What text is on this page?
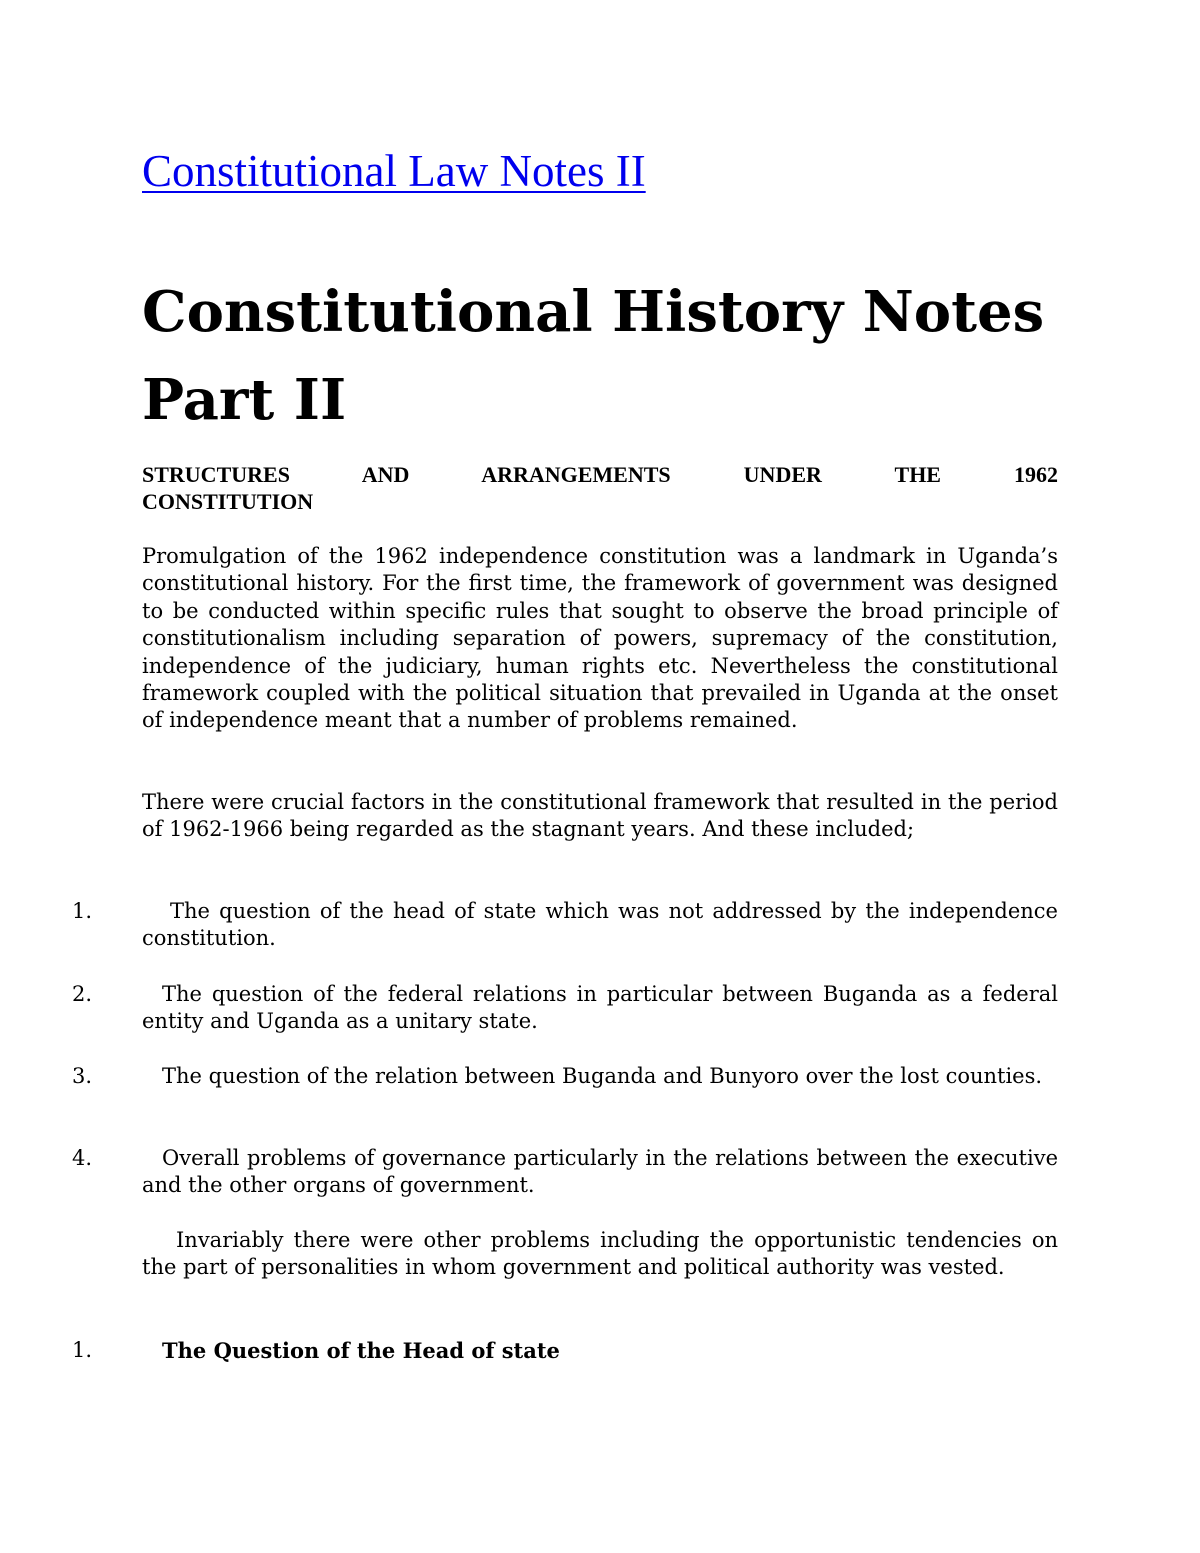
Constitutional Law Notes II
Constitutional History Notes Part II
STRUCTURES AND ARRANGEMENTS UNDER THE 1962
CONSTITUTION

Promulgation of the 1962 independence constitution was a landmark in Uganda’s constitutional history. For the first time, the framework of government was designed to be conducted within specific rules that sought to observe the broad principle of constitutionalism including separation of powers, supremacy of the constitution, independence of the judiciary, human rights etc. Nevertheless the constitutional framework coupled with the political situation that prevailed in Uganda at the onset of independence meant that a number of problems remained.

There were crucial factors in the constitutional framework that resulted in the period of 1962-1966 being regarded as the stagnant years. And these included;

1.	The question of the head of state which was not addressed by the independence constitution.

2.	The question of the federal relations in particular between Buganda as a federal entity and Uganda as a unitary state.

3.	The question of the relation between Buganda and Bunyoro over the lost counties.

4.	Overall problems of governance particularly in the relations between the executive and the other organs of government.

Invariably there were other problems including the opportunistic tendencies on the part of personalities in whom government and political authority was vested.

1.	The Question of the Head of state
